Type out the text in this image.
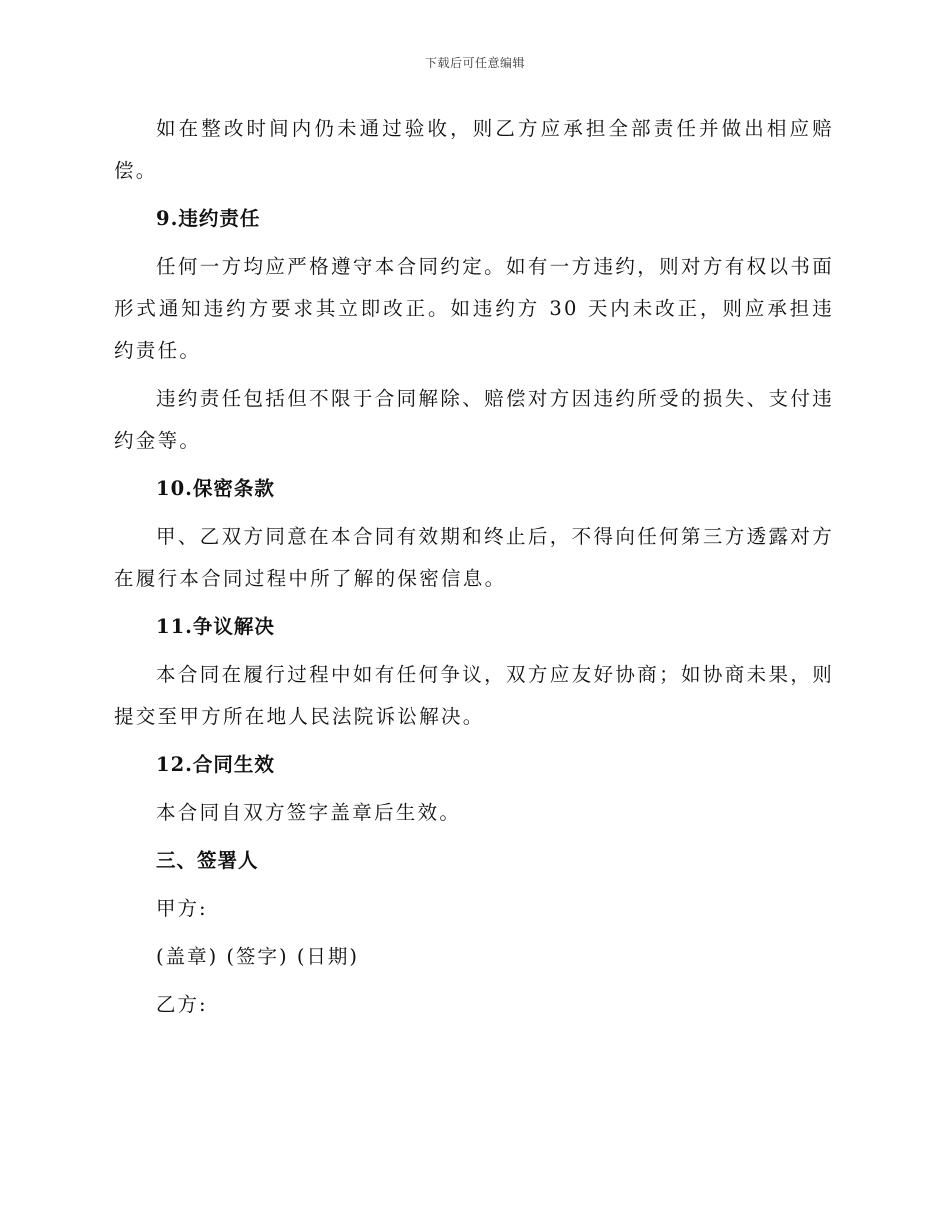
下载后可任意编辑

如在整改时间内仍未通过验收，则乙方应承担全部责任并做出相应赔偿。

9.违约责任

任何一方均应严格遵守本合同约定。如有一方违约，则对方有权以书面形式通知违约方要求其立即改正。如违约方 30 天内未改正，则应承担违约责任。

违约责任包括但不限于合同解除、赔偿对方因违约所受的损失、支付违约金等。

10.保密条款

甲、乙双方同意在本合同有效期和终止后，不得向任何第三方透露对方在履行本合同过程中所了解的保密信息。

11.争议解决

本合同在履行过程中如有任何争议，双方应友好协商；如协商未果，则提交至甲方所在地人民法院诉讼解决。

12.合同生效

本合同自双方签字盖章后生效。

三、签署人

甲方:

(盖章) (签字) (日期)

乙方:
